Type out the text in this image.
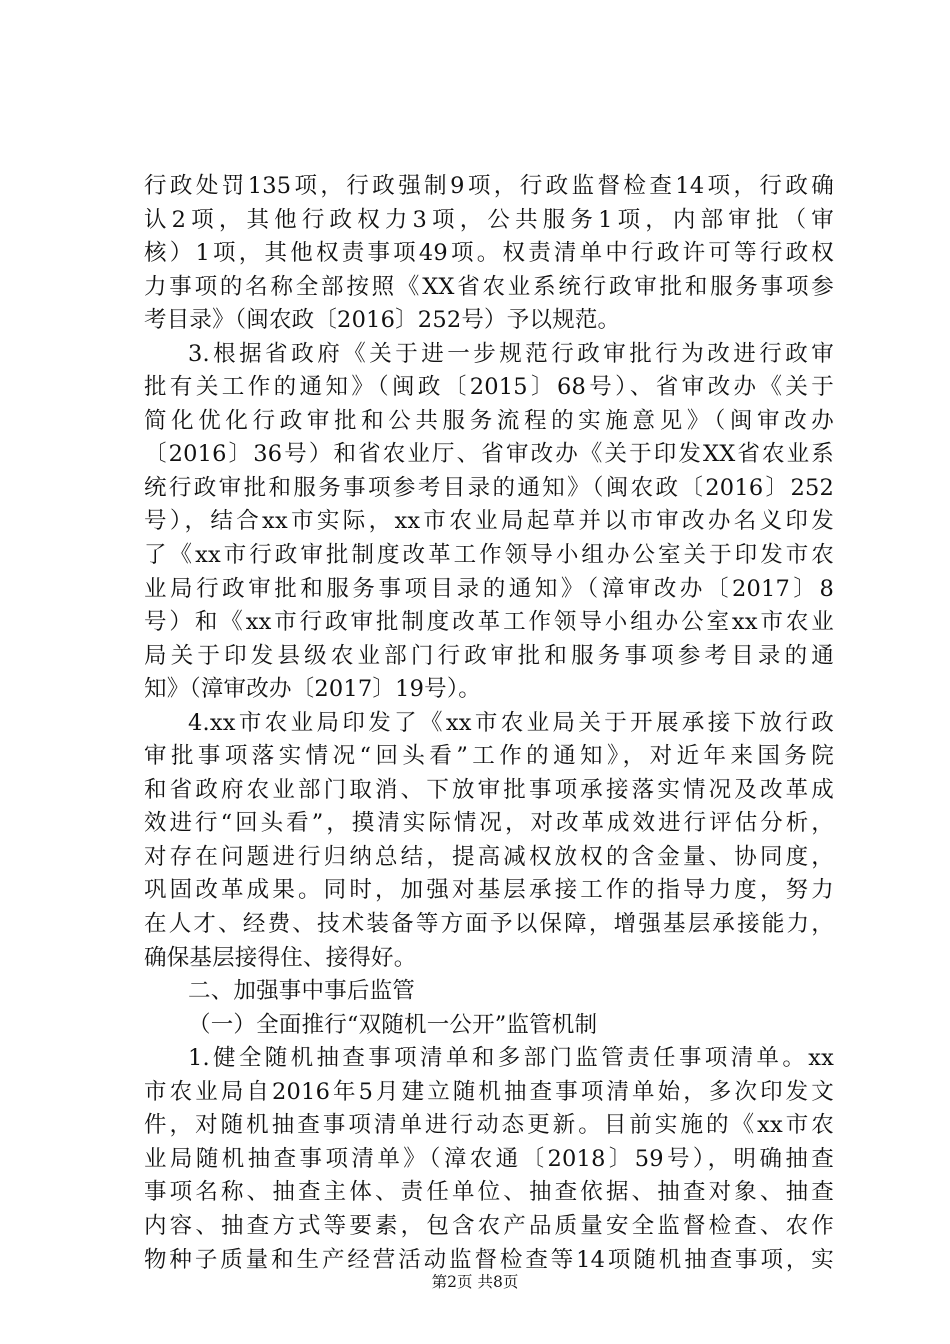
行政处罚135项，行政强制9项，行政监督检查14项，行政确
认2项，其他行政权力3项，公共服务1项，内部审批（审
核）1项，其他权责事项49项。权责清单中行政许可等行政权
力事项的名称全部按照《XX省农业系统行政审批和服务事项参
考目录》（闽农政〔2016〕252号）予以规范。
3.根据省政府《关于进一步规范行政审批行为改进行政审
批有关工作的通知》（闽政〔2015〕68号）、省审改办《关于
简化优化行政审批和公共服务流程的实施意见》（闽审改办
〔2016〕36号）和省农业厅、省审改办《关于印发XX省农业系
统行政审批和服务事项参考目录的通知》（闽农政〔2016〕252
号），结合xx市实际，xx市农业局起草并以市审改办名义印发
了《xx市行政审批制度改革工作领导小组办公室关于印发市农
业局行政审批和服务事项目录的通知》（漳审改办〔2017〕8
号）和《xx市行政审批制度改革工作领导小组办公室xx市农业
局关于印发县级农业部门行政审批和服务事项参考目录的通
知》（漳审改办〔2017〕19号）。
4.xx市农业局印发了《xx市农业局关于开展承接下放行政
审批事项落实情况“回头看”工作的通知》，对近年来国务院
和省政府农业部门取消、下放审批事项承接落实情况及改革成
效进行“回头看”，摸清实际情况，对改革成效进行评估分析，
对存在问题进行归纳总结，提高减权放权的含金量、协同度，
巩固改革成果。同时，加强对基层承接工作的指导力度，努力
在人才、经费、技术装备等方面予以保障，增强基层承接能力，
确保基层接得住、接得好。
二、加强事中事后监管
（一）全面推行“双随机一公开”监管机制
1.健全随机抽查事项清单和多部门监管责任事项清单。xx
市农业局自2016年5月建立随机抽查事项清单始，多次印发文
件，对随机抽查事项清单进行动态更新。目前实施的《xx市农
业局随机抽查事项清单》（漳农通〔2018〕59号），明确抽查
事项名称、抽查主体、责任单位、抽查依据、抽查对象、抽查
内容、抽查方式等要素，包含农产品质量安全监督检查、农作
物种子质量和生产经营活动监督检查等14项随机抽查事项，实
第2页 共8页
